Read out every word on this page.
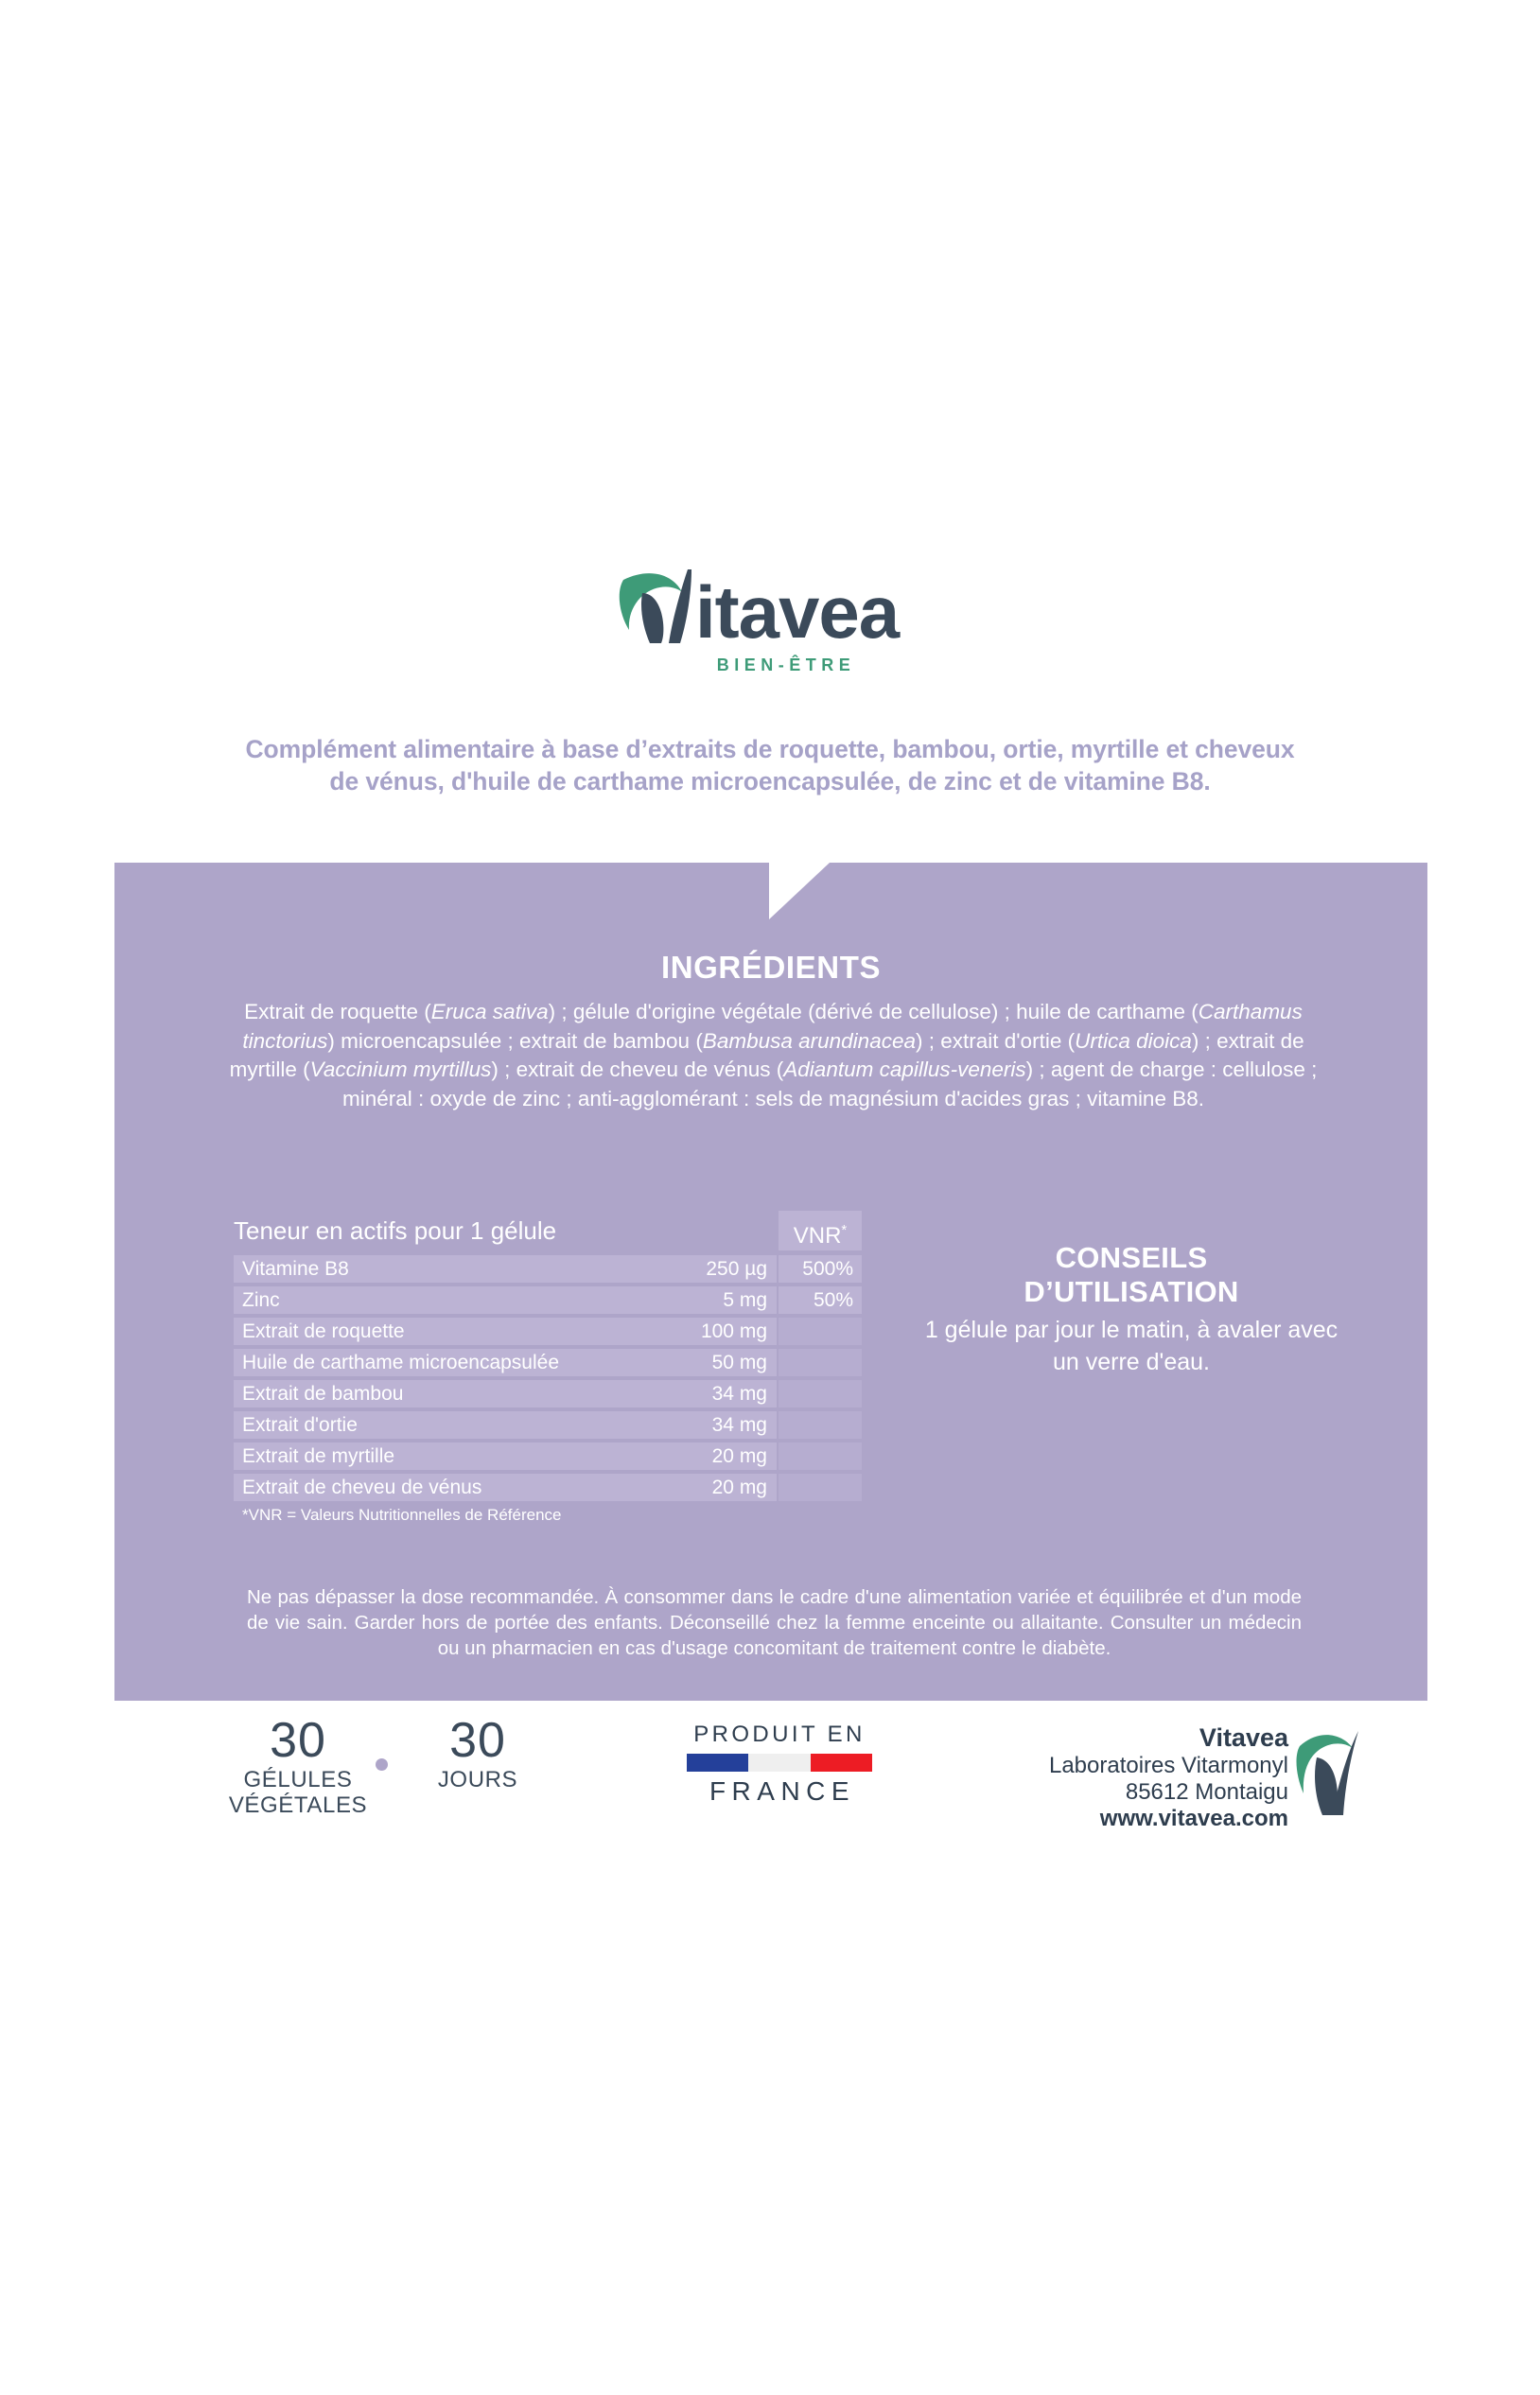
itavea
BIEN-ÊTRE
Complément alimentaire à base d’extraits de roquette, bambou, ortie, myrtille et cheveux de vénus, d'huile de carthame microencapsulée, de zinc et de vitamine B8.
INGRÉDIENTS
Extrait de roquette (Eruca sativa) ; gélule d'origine végétale (dérivé de cellulose) ; huile de carthame (Carthamus tinctorius) microencapsulée ; extrait de bambou (Bambusa arundinacea) ; extrait d'ortie (Urtica dioica) ; extrait de myrtille (Vaccinium myrtillus) ; extrait de cheveu de vénus (Adiantum capillus-veneris) ; agent de charge : cellulose ; minéral : oxyde de zinc ; anti-agglomérant : sels de magnésium d'acides gras ; vitamine B8.
Teneur en actifs pour 1 gélule	VNR*
Vitamine B8	250 µg	500%
Zinc	5 mg	50%
Extrait de roquette	100 mg
Huile de carthame microencapsulée	50 mg
Extrait de bambou	34 mg
Extrait d'ortie	34 mg
Extrait de myrtille	20 mg
Extrait de cheveu de vénus	20 mg
*VNR = Valeurs Nutritionnelles de Référence
CONSEILS
D’UTILISATION
1 gélule par jour le matin, à avaler avec un verre d'eau.
Ne pas dépasser la dose recommandée. À consommer dans le cadre d'une alimentation variée et équilibrée et d'un mode de vie sain. Garder hors de portée des enfants. Déconseillé chez la femme enceinte ou allaitante. Consulter un médecin ou un pharmacien en cas d'usage concomitant de traitement contre le diabète.
30
GÉLULES
VÉGÉTALES
30
JOURS
PRODUIT EN
FRANCE
Vitavea
Laboratoires Vitarmonyl
85612 Montaigu
www.vitavea.com
